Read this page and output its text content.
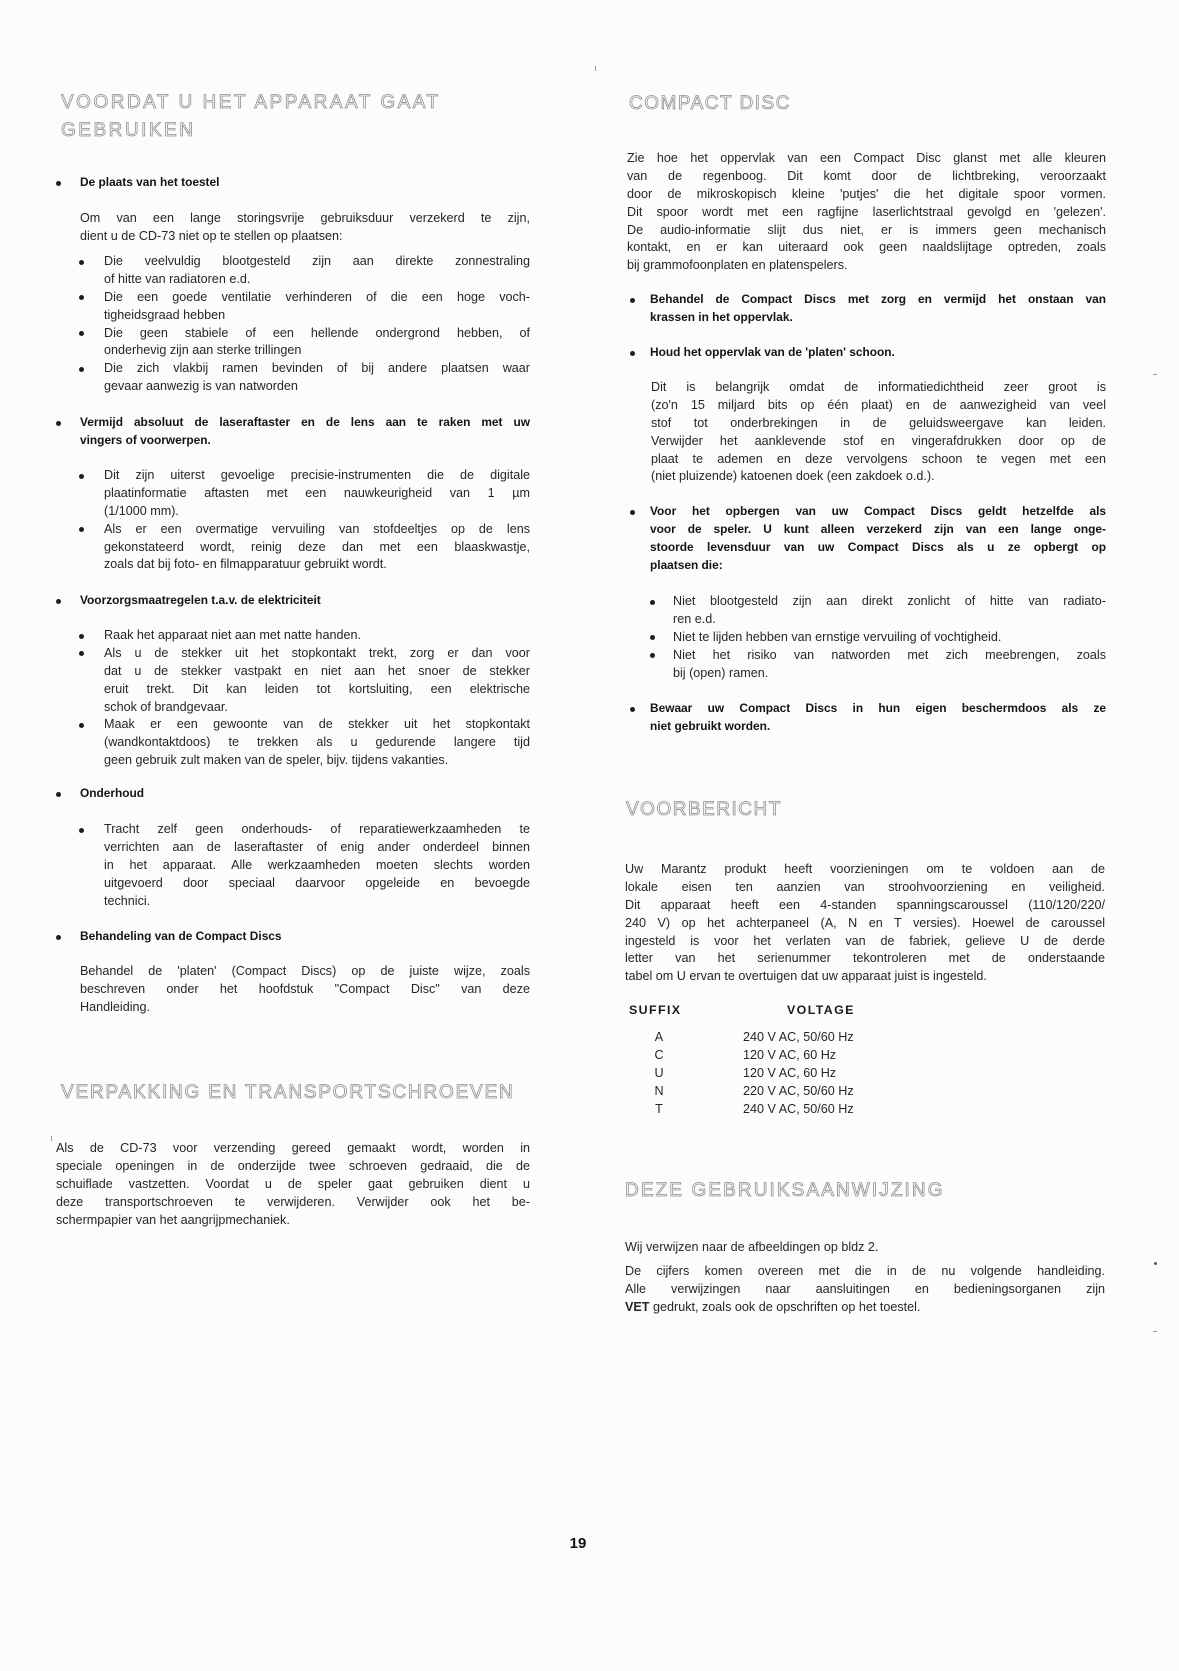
VOORDAT U HET APPARAAT GAAT
GEBRUIKEN
De plaats van het toestel
Om van een lange storingsvrije gebruiksduur verzekerd te zijn,
dient u de CD-73 niet op te stellen op plaatsen:
Die veelvuldig blootgesteld zijn aan direkte zonnestraling
of hitte van radiatoren e.d.
Die een goede ventilatie verhinderen of die een hoge voch-
tigheidsgraad hebben
Die geen stabiele of een hellende ondergrond hebben, of
onderhevig zijn aan sterke trillingen
Die zich vlakbij ramen bevinden of bij andere plaatsen waar
gevaar aanwezig is van natworden
Vermijd absoluut de laseraftaster en de lens aan te raken met uw
vingers of voorwerpen.
Dit zijn uiterst gevoelige precisie-instrumenten die de digitale
plaatinformatie aftasten met een nauwkeurigheid van 1 µm
(1/1000 mm).
Als er een overmatige vervuiling van stofdeeltjes op de lens
gekonstateerd wordt, reinig deze dan met een blaaskwastje,
zoals dat bij foto- en filmapparatuur gebruikt wordt.
Voorzorgsmaatregelen t.a.v. de elektriciteit
Raak het apparaat niet aan met natte handen.
Als u de stekker uit het stopkontakt trekt, zorg er dan voor
dat u de stekker vastpakt en niet aan het snoer de stekker
eruit trekt. Dit kan leiden tot kortsluiting, een elektrische
schok of brandgevaar.
Maak er een gewoonte van de stekker uit het stopkontakt
(wandkontaktdoos) te trekken als u gedurende langere tijd
geen gebruik zult maken van de speler, bijv. tijdens vakanties.
Onderhoud
Tracht zelf geen onderhouds- of reparatiewerkzaamheden te
verrichten aan de laseraftaster of enig ander onderdeel binnen
in het apparaat. Alle werkzaamheden moeten slechts worden
uitgevoerd door speciaal daarvoor opgeleide en bevoegde
technici.
Behandeling van de Compact Discs
Behandel de 'platen' (Compact Discs) op de juiste wijze, zoals
beschreven onder het hoofdstuk "Compact Disc" van deze
Handleiding.
VERPAKKING EN TRANSPORTSCHROEVEN
Als de CD-73 voor verzending gereed gemaakt wordt, worden in
speciale openingen in de onderzijde twee schroeven gedraaid, die de
schuiflade vastzetten. Voordat u de speler gaat gebruiken dient u
deze transportschroeven te verwijderen. Verwijder ook het be-
schermpapier van het aangrijpmechaniek.
COMPACT DISC
Zie hoe het oppervlak van een Compact Disc glanst met alle kleuren
van de regenboog. Dit komt door de lichtbreking, veroorzaakt
door de mikroskopisch kleine 'putjes' die het digitale spoor vormen.
Dit spoor wordt met een ragfijne laserlichtstraal gevolgd en 'gelezen'.
De audio-informatie slijt dus niet, er is immers geen mechanisch
kontakt, en er kan uiteraard ook geen naaldslijtage optreden, zoals
bij grammofoonplaten en platenspelers.
Behandel de Compact Discs met zorg en vermijd het onstaan van
krassen in het oppervlak.
Houd het oppervlak van de 'platen' schoon.
Dit is belangrijk omdat de informatiedichtheid zeer groot is
(zo'n 15 miljard bits op één plaat) en de aanwezigheid van veel
stof tot onderbrekingen in de geluidsweergave kan leiden.
Verwijder het aanklevende stof en vingerafdrukken door op de
plaat te ademen en deze vervolgens schoon te vegen met een
(niet pluizende) katoenen doek (een zakdoek o.d.).
Voor het opbergen van uw Compact Discs geldt hetzelfde als
voor de speler. U kunt alleen verzekerd zijn van een lange onge-
stoorde levensduur van uw Compact Discs als u ze opbergt op
plaatsen die:
Niet blootgesteld zijn aan direkt zonlicht of hitte van radiato-
ren e.d.
Niet te lijden hebben van ernstige vervuiling of vochtigheid.
Niet het risiko van natworden met zich meebrengen, zoals
bij (open) ramen.
Bewaar uw Compact Discs in hun eigen beschermdoos als ze
niet gebruikt worden.
VOORBERICHT
Uw Marantz produkt heeft voorzieningen om te voldoen aan de
lokale eisen ten aanzien van stroohvoorziening en veiligheid.
Dit apparaat heeft een 4-standen spanningscaroussel (110/120/220/
240 V) op het achterpaneel (A, N en T versies). Hoewel de caroussel
ingesteld is voor het verlaten van de fabriek, gelieve U de derde
letter van het serienummer tekontroleren met de onderstaande
tabel om U ervan te overtuigen dat uw apparaat juist is ingesteld.
SUFFIX	VOLTAGE
A	240 V AC, 50/60 Hz
C	120 V AC, 60 Hz
U	120 V AC, 60 Hz
N	220 V AC, 50/60 Hz
T	240 V AC, 50/60 Hz
DEZE GEBRUIKSAANWIJZING
Wij verwijzen naar de afbeeldingen op bldz 2.
De cijfers komen overeen met die in de nu volgende handleiding.
Alle verwijzingen naar aansluitingen en bedieningsorganen zijn
VET gedrukt, zoals ook de opschriften op het toestel.
19
